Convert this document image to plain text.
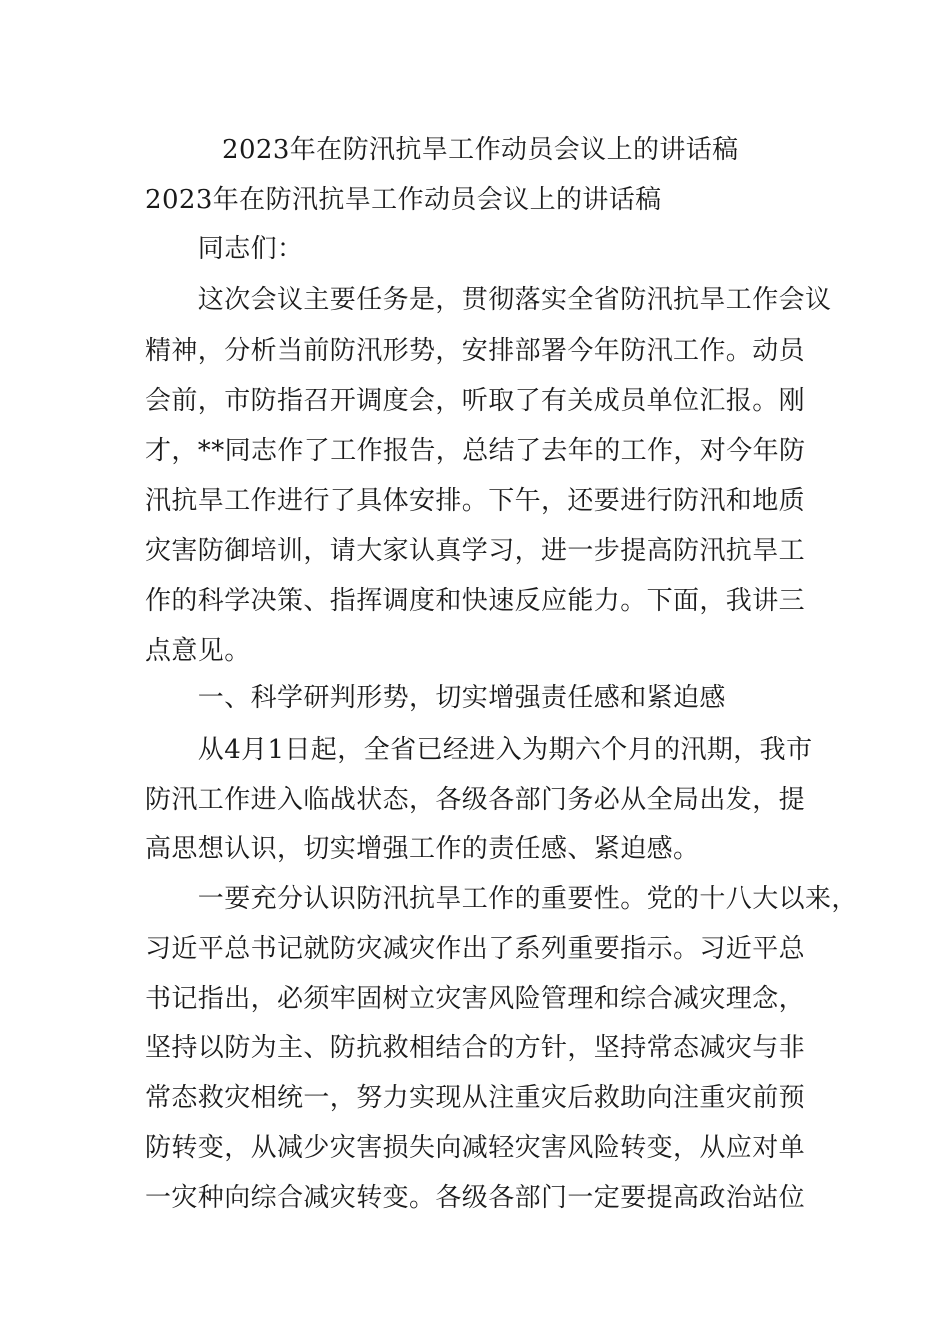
2023年在防汛抗旱工作动员会议上的讲话稿
2023年在防汛抗旱工作动员会议上的讲话稿
　　同志们：
　　这次会议主要任务是，贯彻落实全省防汛抗旱工作会议
精神，分析当前防汛形势，安排部署今年防汛工作。动员
会前，市防指召开调度会，听取了有关成员单位汇报。刚
才，**同志作了工作报告，总结了去年的工作，对今年防
汛抗旱工作进行了具体安排。下午，还要进行防汛和地质
灾害防御培训，请大家认真学习，进一步提高防汛抗旱工
作的科学决策、指挥调度和快速反应能力。下面，我讲三
点意见。
　　一、科学研判形势，切实增强责任感和紧迫感
　　从4月1日起，全省已经进入为期六个月的汛期，我市
防汛工作进入临战状态，各级各部门务必从全局出发，提
高思想认识，切实增强工作的责任感、紧迫感。
　　一要充分认识防汛抗旱工作的重要性。党的十八大以来，
习近平总书记就防灾减灾作出了系列重要指示。习近平总
书记指出，必须牢固树立灾害风险管理和综合减灾理念，
坚持以防为主、防抗救相结合的方针，坚持常态减灾与非
常态救灾相统一，努力实现从注重灾后救助向注重灾前预
防转变，从减少灾害损失向减轻灾害风险转变，从应对单
一灾种向综合减灾转变。各级各部门一定要提高政治站位
